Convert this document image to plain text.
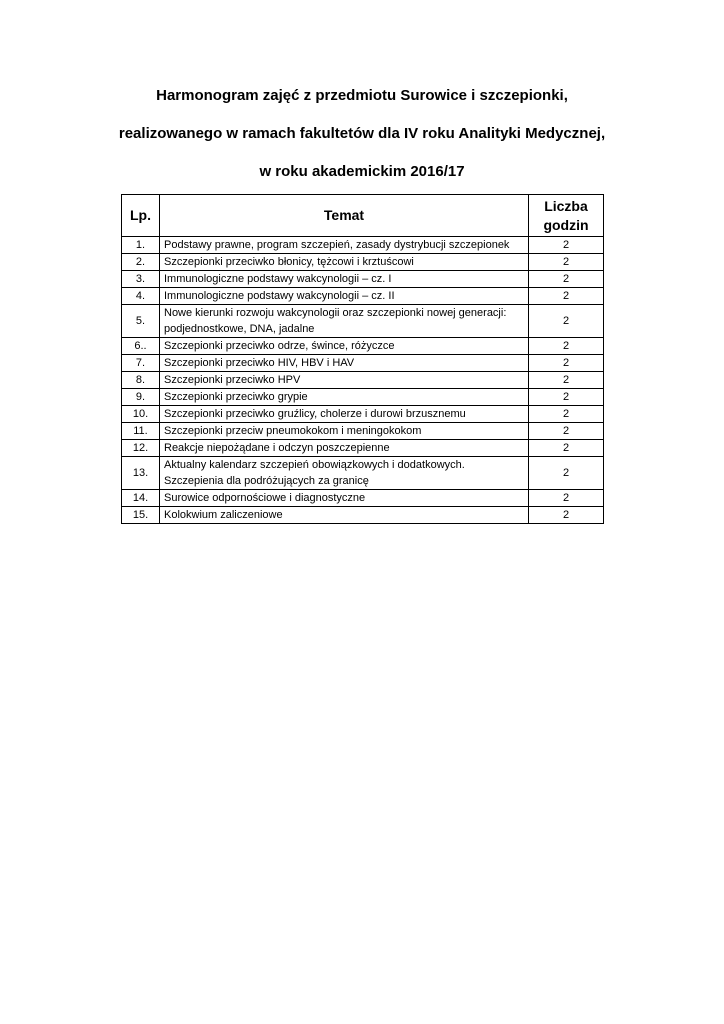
Harmonogram zajęć z przedmiotu Surowice i szczepionki,
realizowanego w ramach fakultetów dla IV roku Analityki Medycznej,
w roku akademickim 2016/17
Lp.	Temat	Liczba
godzin
1.	Podstawy prawne, program szczepień, zasady dystrybucji szczepionek	2
2.	Szczepionki przeciwko błonicy, tężcowi i krztuścowi	2
3.	Immunologiczne podstawy wakcynologii – cz. I	2
4.	Immunologiczne podstawy wakcynologii – cz. II	2
5.	Nowe kierunki rozwoju wakcynologii oraz szczepionki nowej generacji: podjednostkowe, DNA, jadalne	2
6..	Szczepionki przeciwko odrze, śwince, różyczce	2
7.	Szczepionki przeciwko HIV, HBV i HAV	2
8.	Szczepionki przeciwko HPV	2
9.	Szczepionki przeciwko grypie	2
10.	Szczepionki przeciwko gruźlicy, cholerze i durowi brzusznemu	2
11.	Szczepionki przeciw pneumokokom i meningokokom	2
12.	Reakcje niepożądane i odczyn poszczepienne	2
13.	Aktualny kalendarz szczepień obowiązkowych i dodatkowych. Szczepienia dla podróżujących za granicę	2
14.	Surowice odpornościowe i diagnostyczne	2
15.	Kolokwium zaliczeniowe	2
